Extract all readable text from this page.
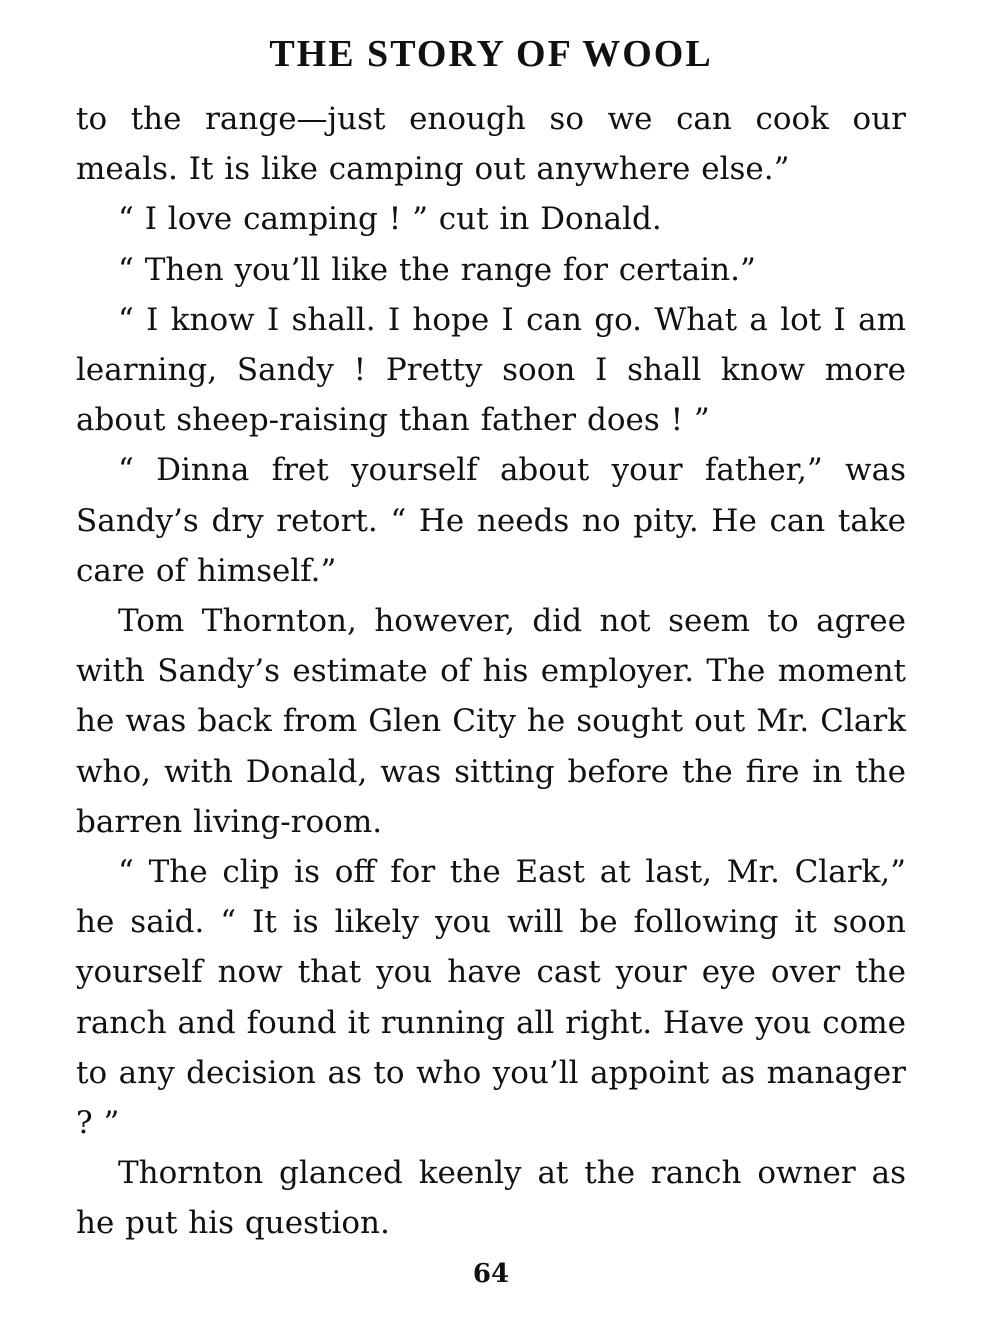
THE STORY OF WOOL

to the range—just enough so we can cook our meals. It is like camping out anywhere else.”

“ I love camping ! ” cut in Donald.

“ Then you’ll like the range for certain.”

“ I know I shall. I hope I can go. What a lot I am learning, Sandy ! Pretty soon I shall know more about sheep-raising than father does ! ”

“ Dinna fret yourself about your father,” was Sandy’s dry retort. “ He needs no pity. He can take care of himself.”

Tom Thornton, however, did not seem to agree with Sandy’s estimate of his employer. The moment he was back from Glen City he sought out Mr. Clark who, with Donald, was sitting before the fire in the barren living-room.

“ The clip is off for the East at last, Mr. Clark,” he said. “ It is likely you will be following it soon yourself now that you have cast your eye over the ranch and found it running all right. Have you come to any decision as to who you’ll appoint as manager ? ”

Thornton glanced keenly at the ranch owner as he put his question.

64
